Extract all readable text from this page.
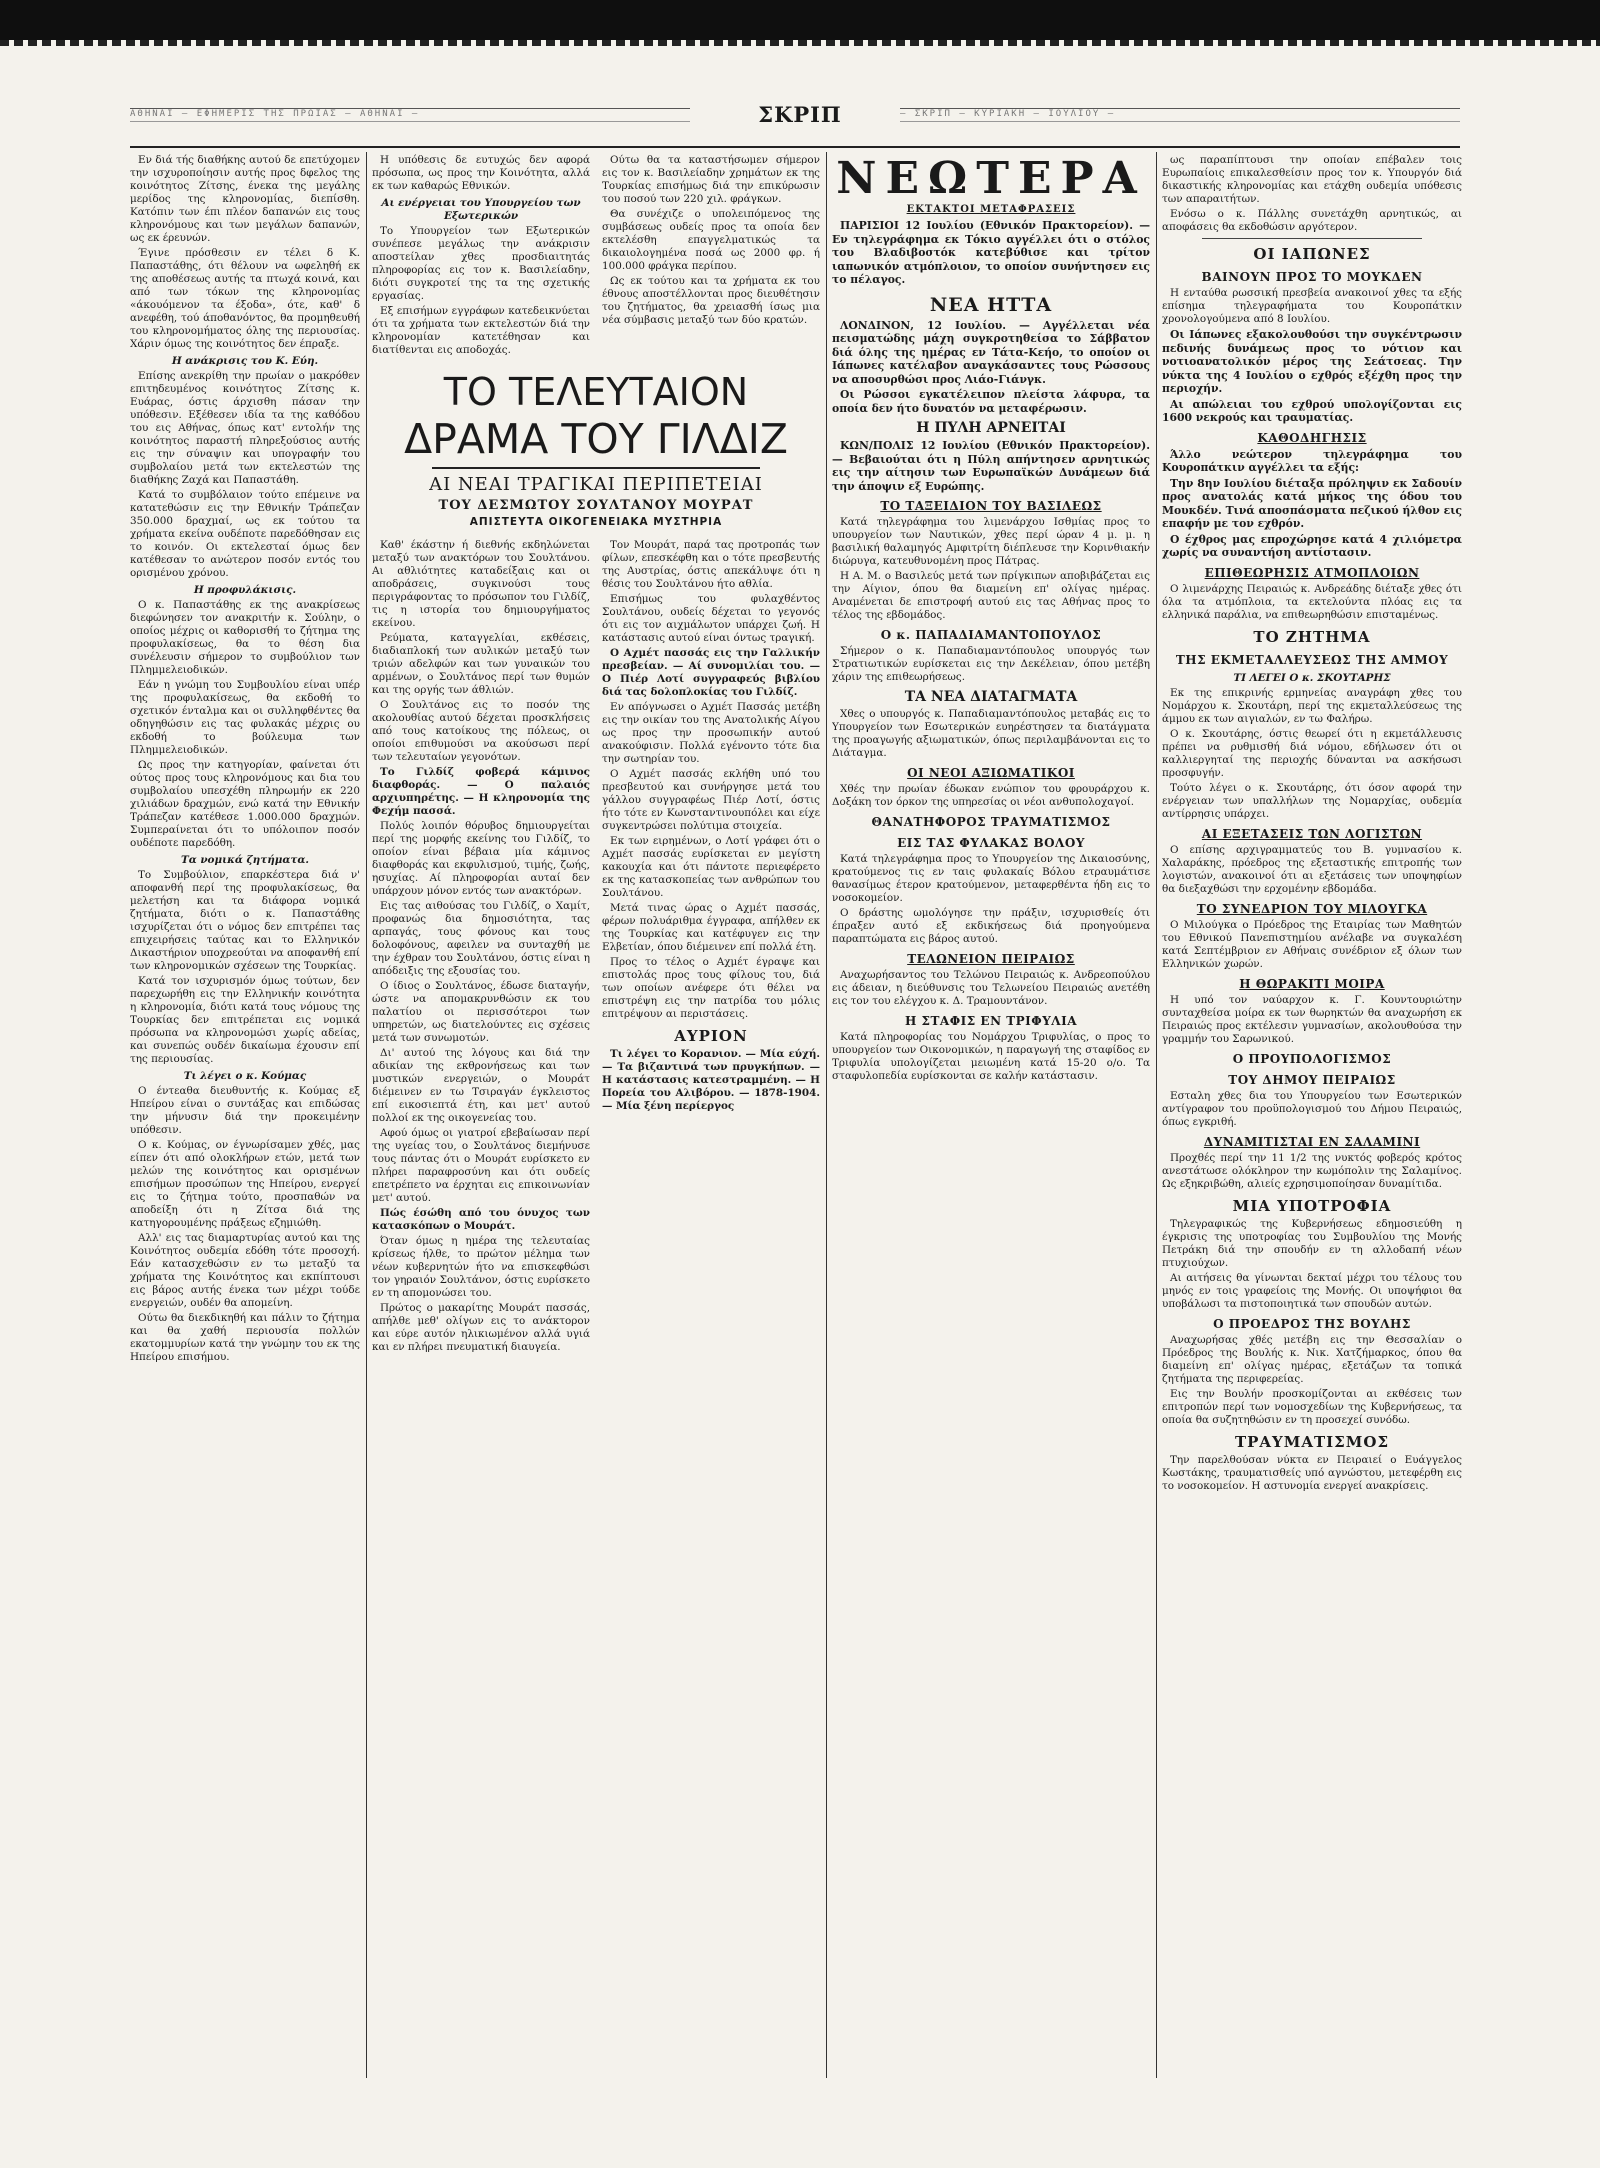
ΑΘΗΝΑΙ — ΕΦΗΜΕΡΙΣ ΤΗΣ ΠΡΩΙΑΣ — ΑΘΗΝΑΙ —	ΣΚΡΙΠ	— ΣΚΡΙΠ — ΚΥΡΙΑΚΗ — ΙΟΥΛΙΟΥ —

Εν διά τής διαθήκης αυτού δε επετύχομεν την ισχυροποίησιν αυτής προς δφελος της κοινότητος Ζίτσης, ένεκα της μεγάλης μερίδος της κληρονομίας, διεπίσθη. Κατόπιν των έπι πλέον δαπανών εις τους κληρονόμους και των μεγάλων δαπανών, ως εκ έρευνών.

Έγινε πρόσθεσιν εν τέλει δ Κ. Παπαστάθης, ότι θέλουν να ωφεληθή εκ της αποθέσεως αυτής τα πτωχά κοινά, και από των τόκων της κληρονομίας «άκουόμενον τα έξοδα», ότε, καθ' δ ανεφέθη, τού άποθανόντος, θα προμηθευθή του κληρονομήματος όλης της περιουσίας. Χάριν όμως της κοινότητος δεν έπραξε.

Η ανάκρισις του Κ. Εύη.

Επίσης ανεκρίθη την πρωίαν ο μακρόθεν επιτηδευμένος κοινότητος Ζίτσης κ. Ευάρας, όστις άρχισθη πάσαν την υπόθεσιν. Εξέθεσεν ιδία τα της καθόδου του εις Αθήνας, όπως κατ' εντολήν της κοινότητος παραστή πληρεξούσιος αυτής εις την σύναψιν και υπογραφήν του συμβολαίου μετά των εκτελεστών της διαθήκης Ζαχά και Παπαστάθη.

Κατά το συμβόλαιον τούτο επέμεινε να κατατεθώσιν εις την Εθνικήν Τράπεζαν 350.000 δραχμαί, ως εκ τούτου τα χρήματα εκείνα ουδέποτε παρεδόθησαν εις το κοινόν. Οι εκτελεσταί όμως δεν κατέθεσαν το ανώτερον ποσόν εντός του ορισμένου χρόνου.

Η προφυλάκισις.

Ο κ. Παπαστάθης εκ της ανακρίσεως διεφώνησεν τον ανακριτήν κ. Σούλην, ο οποίος μέχρις οι καθορισθή το ζήτημα της προφυλακίσεως, θα το θέση δια συνέλευσιν σήμερον το συμβούλιον των Πλημμελειοδικών.

Εάν η γνώμη του Συμβουλίου είναι υπέρ της προφυλακίσεως, θα εκδοθή το σχετικόν ένταλμα και οι συλληφθέντες θα οδηγηθώσιν εις τας φυλακάς μέχρις ου εκδοθή το βούλευμα των Πλημμελειοδικών.

Ως προς την κατηγορίαν, φαίνεται ότι ούτος προς τους κληρονόμους και δια του συμβολαίου υπεσχέθη πληρωμήν εκ 220 χιλιάδων δραχμών, ενώ κατά την Εθνικήν Τράπεζαν κατέθεσε 1.000.000 δραχμών. Συμπεραίνεται ότι το υπόλοιπον ποσόν ουδέποτε παρεδόθη.

Τα νομικά ζητήματα.

Το Συμβούλιον, επαρκέστερα διά ν' αποφανθή περί της προφυλακίσεως, θα μελετήση και τα διάφορα νομικά ζητήματα, διότι ο κ. Παπαστάθης ισχυρίζεται ότι ο νόμος δεν επιτρέπει τας επιχειρήσεις ταύτας και το Ελληνικόν Δικαστήριον υποχρεούται να αποφανθή επί των κληρονομικών σχέσεων της Τουρκίας.

Κατά τον ισχυρισμόν όμως τούτων, δεν παρεχωρήθη εις την Ελληνικήν κοινότητα η κληρονομία, διότι κατά τους νόμους της Τουρκίας δεν επιτρέπεται εις νομικά πρόσωπα να κληρονομώσι χωρίς αδείας, και συνεπώς ουδέν δικαίωμα έχουσιν επί της περιουσίας.

Τι λέγει ο κ. Κούμας

Ο έντεαθα διευθυντής κ. Κούμας εξ Ηπείρου είναι ο συντάξας και επιδώσας την μήνυσιν διά την προκειμένην υπόθεσιν.

Ο κ. Κούμας, ον έγνωρίσαμεν χθές, μας είπεν ότι από ολοκλήρων ετών, μετά των μελών της κοινότητος και ορισμένων επισήμων προσώπων της Ηπείρου, ενεργεί εις το ζήτημα τούτο, προσπαθών να αποδείξη ότι η Ζίτσα διά της κατηγορουμένης πράξεως εζημιώθη.

Αλλ' εις τας διαμαρτυρίας αυτού και της Κοινότητος ουδεμία εδόθη τότε προσοχή. Εάν κατασχεθώσιν εν τω μεταξύ τα χρήματα της Κοινότητος και εκπίπτουσι εις βάρος αυτής ένεκα των μέχρι τούδε ενεργειών, ουδέν θα απομείνη.

Ούτω θα διεκδικηθή και πάλιν το ζήτημα και θα χαθή περιουσία πολλών εκατομμυρίων κατά την γνώμην του εκ της Ηπείρου επισήμου.

Η υπόθεσις δε ευτυχώς δεν αφορά πρόσωπα, ως προς την Κοινότητα, αλλά εκ των καθαρώς Εθνικών.

Αι ενέργειαι του Υπουργείου των Εξωτερικών

Το Υπουργείον των Εξωτερικών συνέπεσε μεγάλως την ανάκρισιν αποστείλαν χθες προσδιαιτητάς πληροφορίας εις τον κ. Βασιλείαδην, διότι συγκροτεί της τα της σχετικής εργασίας.

Εξ επισήμων εγγράφων κατεδεικνύεται ότι τα χρήματα των εκτελεστών διά την κληρονομίαν κατετέθησαν και διατίθενται εις αποδοχάς.

Ούτω θα τα καταστήσωμεν σήμερον εις τον κ. Βασιλείαδην χρημάτων εκ της Τουρκίας επισήμως διά την επικύρωσιν του ποσού των 220 χιλ. φράγκων.

Θα συνέχιζε ο υπολειπόμενος της συμβάσεως ουδείς προς τα οποία δεν εκτελέσθη επαγγελματικώς τα δικαιολογημένα ποσά ως 2000 φρ. ή 100.000 φράγκα περίπου.

Ως εκ τούτου και τα χρήματα εκ του έθνους αποστέλλονται προς διευθέτησιν του ζητήματος, θα χρειασθή ίσως μια νέα σύμβασις μεταξύ των δύο κρατών.

ΤΟ ΤΕΛΕΥΤΑΙΟΝ
ΔΡΑΜΑ ΤΟΥ ΓΙΛΔΙΖ
ΑΙ ΝΕΑΙ ΤΡΑΓΙΚΑΙ ΠΕΡΙΠΕΤΕΙΑΙ
ΤΟΥ ΔΕΣΜΩΤΟΥ ΣΟΥΛΤΑΝΟΥ ΜΟΥΡΑΤ
ΑΠΙΣΤΕΥΤΑ ΟΙΚΟΓΕΝΕΙΑΚΑ ΜΥΣΤΗΡΙΑ

Καθ' έκάστην ή διεθνής εκδηλώνεται μεταξύ των ανακτόρων του Σουλτάνου. Αι αθλιότητες καταδείξαις και οι αποδράσεις, συγκινούσι τους περιγράφοντας το πρόσωπον του Γιλδίζ, τις η ιστορία του δημιουργήματος εκείνου.

Ρεύματα, καταγγελίαι, εκθέσεις, διαδιαπλοκή των αυλικών μεταξύ των τριών αδελφών και των γυναικών του αρμένων, ο Σουλτάνος περί των θυμών και της οργής των άθλιών.

Ο Σουλτάνος εις το ποσόν της ακολουθίας αυτού δέχεται προσκλήσεις από τους κατοίκους της πόλεως, οι οποίοι επιθυμούσι να ακούσωσι περί των τελευταίων γεγονότων.

Το Γιλδίζ φοβερά κάμινος διαφθοράς. — Ο παλαιός αρχιυπηρέτης. — Η κληρονομία της Φεχήμ πασσά.

Πολύς λοιπόν θόρυβος δημιουργείται περί της μορφής εκείνης του Γιλδίζ, το οποίον είναι βέβαια μία κάμινος διαφθοράς και εκφυλισμού, τιμής, ζωής, ησυχίας. Αί πληροφορίαι αυταί δεν υπάρχουν μόνον εντός των ανακτόρων.

Εις τας αιθούσας του Γιλδίζ, ο Χαμίτ, προφανώς δια δημοσιότητα, τας αρπαγάς, τους φόνους και τους δολοφόνους, αφειλεν να συνταχθή με την έχθραν του Σουλτάνου, όστις είναι η απόδειξις της εξουσίας του.

Ο ίδιος ο Σουλτάνος, έδωσε διαταγήν, ώστε να απομακρυνθώσιν εκ του παλατίου οι περισσότεροι των υπηρετών, ως διατελούντες εις σχέσεις μετά των συνωμοτών.

Δι' αυτού της λόγους και διά την αδικίαν της εκθρονήσεως και των μυστικών ενεργειών, ο Μουράτ διέμεινεν εν τω Τσιραγάν έγκλειστος επί εικοσιεπτά έτη, και μετ' αυτού πολλοί εκ της οικογενείας του.

Αφού όμως οι γιατροί εβεβαίωσαν περί της υγείας του, ο Σουλτάνος διεμήνυσε τους πάντας ότι ο Μουράτ ευρίσκετο εν πλήρει παραφροσύνη και ότι ουδείς επετρέπετο να έρχηται εις επικοινωνίαν μετ' αυτού.

Πώς έσώθη από του όνυχος των κατασκόπων ο Μουράτ.

Όταν όμως η ημέρα της τελευταίας κρίσεως ήλθε, το πρώτον μέλημα των νέων κυβερνητών ήτο να επισκεφθώσι τον γηραιόν Σουλτάνον, όστις ευρίσκετο εν τη απομονώσει του.

Πρώτος ο μακαρίτης Μουράτ πασσάς, απήλθε μεθ' ολίγων εις το ανάκτορον και εύρε αυτόν ηλικιωμένον αλλά υγιά και εν πλήρει πνευματική διαυγεία.

Τον Μουράτ, παρά τας προτροπάς των φίλων, επεσκέφθη και ο τότε πρεσβευτής της Αυστρίας, όστις απεκάλυψε ότι η θέσις του Σουλτάνου ήτο αθλία.

Επισήμως του φυλαχθέντος Σουλτάνου, ουδείς δέχεται το γεγονός ότι εις τον αιχμάλωτον υπάρχει ζωή. Η κατάστασις αυτού είναι όντως τραγική.

Ο Αχμέτ πασσάς εις την Γαλλικήν πρεσβείαν. — Αί συνομιλίαι του. — Ο Πιέρ Λοτί συγγραφεύς βιβλίου διά τας δολοπλοκίας του Γιλδίζ.

Εν απόγνωσει ο Αχμέτ Πασσάς μετέβη εις την οικίαν του της Ανατολικής Αίγου ως προς την προσωπικήν αυτού ανακούφισιν. Πολλά εγένοντο τότε δια την σωτηρίαν του.

Ο Αχμέτ πασσάς εκλήθη υπό του πρεσβευτού και συνήργησε μετά του γάλλου συγγραφέως Πιέρ Λοτί, όστις ήτο τότε εν Κωνσταντινουπόλει και είχε συγκεντρώσει πολύτιμα στοιχεία.

Εκ των ειρημένων, ο Λοτί γράφει ότι ο Αχμέτ πασσάς ευρίσκεται εν μεγίστη κακουχία και ότι πάντοτε περιεφέρετο εκ της κατασκοπείας των ανθρώπων του Σουλτάνου.

Μετά τινας ώρας ο Αχμέτ πασσάς, φέρων πολυάριθμα έγγραφα, απήλθεν εκ της Τουρκίας και κατέφυγεν εις την Ελβετίαν, όπου διέμεινεν επί πολλά έτη.

Προς το τέλος ο Αχμέτ έγραψε και επιστολάς προς τους φίλους του, διά των οποίων ανέφερε ότι θέλει να επιστρέψη εις την πατρίδα του μόλις επιτρέψουν αι περιστάσεις.

ΑΥΡΙΟΝ

Τι λέγει το Κορανιον. — Μία εύχή. — Τα βιζαντινά των πρυγκήπων. — Η κατάστασις κατεστραμμένη. — Η Πορεία του Αλιβόρου. — 1878-1904. — Μία ξένη περίεργος

ΝΕΩΤΕΡΑ

ΕΚΤΑΚΤΟΙ ΜΕΤΑΦΡΑΣΕΙΣ

ΠΑΡΙΣΙΟΙ 12 Ιουλίου (Εθνικόν Πρακτορείον). — Εν τηλεγράφημα εκ Τόκιο αγγέλλει ότι ο στόλος του Βλαδιβοστόκ κατεβύθισε και τρίτον ιαπωνικόν ατμόπλοιον, το οποίον συνήντησεν εις το πέλαγος.

ΝΕΑ ΗΤΤΑ

ΛΟΝΔΙΝΟΝ, 12 Ιουλίου. — Αγγέλλεται νέα πεισματώδης μάχη συγκροτηθείσα το Σάββατον διά όλης της ημέρας εν Τάτα-Κεήο, το οποίον οι Ιάπωνες κατέλαβον αναγκάσαντες τους Ρώσσους να αποσυρθώσι προς Λιάο-Γιάνγκ.

Οι Ρώσσοι εγκατέλειπον πλείστα λάφυρα, τα οποία δεν ήτο δυνατόν να μεταφέρωσιν.

Η ΠΥΛΗ ΑΡΝΕΙΤΑΙ

ΚΩΝ/ΠΟΛΙΣ 12 Ιουλίου (Εθνικόν Πρακτορείον). — Βεβαιούται ότι η Πύλη απήντησεν αρνητικώς εις την αίτησιν των Ευρωπαϊκών Δυνάμεων διά την άποψιν εξ Ευρώπης.

ΤΟ ΤΑΞΕΙΔΙΟΝ ΤΟΥ ΒΑΣΙΛΕΩΣ

Κατά τηλεγράφημα του λιμενάρχου Ισθμίας προς το υπουργείον των Ναυτικών, χθες περί ώραν 4 μ. μ. η βασιλική θαλαμηγός Αμφιτρίτη διέπλευσε την Κορινθιακήν διώρυγα, κατευθυνομένη προς Πάτρας.

Η Α. Μ. ο Βασιλεύς μετά των πρίγκιπων αποβιβάζεται εις την Αίγιον, όπου θα διαμείνη επ' ολίγας ημέρας. Αναμένεται δε επιστροφή αυτού εις τας Αθήνας προς το τέλος της εβδομάδος.

Ο κ. ΠΑΠΑΔΙΑΜΑΝΤΟΠΟΥΛΟΣ

Σήμερον ο κ. Παπαδιαμαντόπουλος υπουργός των Στρατιωτικών ευρίσκεται εις την Δεκέλειαν, όπου μετέβη χάριν της επιθεωρήσεως.

ΤΑ ΝΕΑ ΔΙΑΤΑΓΜΑΤΑ

Χθες ο υπουργός κ. Παπαδιαμαντόπουλος μεταβάς εις το Υπουργείον των Εσωτερικών ευηρέστησεν τα διατάγματα της προαγωγής αξιωματικών, όπως περιλαμβάνονται εις το Διάταγμα.

ΟΙ ΝΕΟΙ ΑΞΙΩΜΑΤΙΚΟΙ

Χθές την πρωίαν έδωκαν ενώπιον του φρουράρχου κ. Δοξάκη τον όρκον της υπηρεσίας οι νέοι ανθυπολοχαγοί.

ΘΑΝΑΤΗΦΟΡΟΣ ΤΡΑΥΜΑΤΙΣΜΟΣ

ΕΙΣ ΤΑΣ ΦΥΛΑΚΑΣ ΒΟΛΟΥ

Κατά τηλεγράφημα προς το Υπουργείον της Δικαιοσύνης, κρατούμενος τις εν ταις φυλακαίς Βόλου ετραυμάτισε θανασίμως έτερον κρατούμενον, μεταφερθέντα ήδη εις το νοσοκομείον.

Ο δράστης ωμολόγησε την πράξιν, ισχυρισθείς ότι έπραξεν αυτό εξ εκδικήσεως διά προηγούμενα παραπτώματα εις βάρος αυτού.

ΤΕΛΩΝΕΙΟΝ ΠΕΙΡΑΙΩΣ

Αναχωρήσαντος του Τελώνου Πειραιώς κ. Ανδρεοπούλου εις άδειαν, η διεύθυνσις του Τελωνείου Πειραιώς ανετέθη εις τον του ελέγχου κ. Δ. Τραμουντάνον.

Η ΣΤΑΦΙΣ ΕΝ ΤΡΙΦΥΛΙΑ

Κατά πληροφορίας του Νομάρχου Τριφυλίας, ο προς το υπουργείον των Οικονομικών, η παραγωγή της σταφίδος εν Τριφυλία υπολογίζεται μειωμένη κατά 15-20 ο/ο. Τα σταφυλοπεδία ευρίσκονται σε καλήν κατάστασιν.

ως παραπίπτουσι την οποίαν επέβαλεν τοις Ευρωπαίοις επικαλεσθείσιν προς τον κ. Υπουργόν διά δικαστικής κληρονομίας και ετάχθη ουδεμία υπόθεσις των απαραιτήτων.

Ενόσω ο κ. Πάλλης συνετάχθη αρνητικώς, αι αποφάσεις θα εκδοθώσιν αργότερον.

ΟΙ ΙΑΠΩΝΕΣ

ΒΑΙΝΟΥΝ ΠΡΟΣ ΤΟ ΜΟΥΚΔΕΝ

Η ενταύθα ρωσσική πρεσβεία ανακοινοί χθες τα εξής επίσημα τηλεγραφήματα του Κουροπάτκιν χρονολογούμενα από 8 Ιουλίου.

Οι Ιάπωνες εξακολουθούσι την συγκέντρωσιν πεδινής δυνάμεως προς το νότιον και νοτιοανατολικόν μέρος της Σεάτσεας. Την νύκτα της 4 Ιουλίου ο εχθρός εξέχθη προς την περιοχήν.

Αι απώλειαι του εχθρού υπολογίζονται εις 1600 νεκρούς και τραυματίας.

ΚΑΘΟΔΗΓΗΣΙΣ

Άλλο νεώτερον τηλεγράφημα του Κουροπάτκιν αγγέλλει τα εξής:

Την 8ην Ιουλίου διέταξα πρόληψιν εκ Σαδουίν προς ανατολάς κατά μήκος της όδου του Μουκδέν. Τινά αποσπάσματα πεζικού ήλθον εις επαφήν με τον εχθρόν.

Ο έχθρος μας επροχώρησε κατά 4 χιλιόμετρα χωρίς να συναντήση αντίστασιν.

ΕΠΙΘΕΩΡΗΣΙΣ ΑΤΜΟΠΛΟΙΩΝ

Ο λιμενάρχης Πειραιώς κ. Ανδρεάδης διέταξε χθες ότι όλα τα ατμόπλοια, τα εκτελούντα πλόας εις τα ελληνικά παράλια, να επιθεωρηθώσιν επισταμένως.

ΤΟ ΖΗΤΗΜΑ

ΤΗΣ ΕΚΜΕΤΑΛΛΕΥΣΕΩΣ ΤΗΣ ΑΜΜΟΥ

ΤΙ ΛΕΓΕΙ Ο κ. ΣΚΟΥΤΑΡΗΣ

Εκ της επικρινής ερμηνείας αναγράφη χθες του Νομάρχου κ. Σκουτάρη, περί της εκμεταλλεύσεως της άμμου εκ των αιγιαλών, εν τω Φαλήρω.

Ο κ. Σκουτάρης, όστις θεωρεί ότι η εκμετάλλευσις πρέπει να ρυθμισθή διά νόμου, εδήλωσεν ότι οι καλλιεργηταί της περιοχής δύνανται να ασκήσωσι προσφυγήν.

Τούτο λέγει ο κ. Σκουτάρης, ότι όσον αφορά την ενέργειαν των υπαλλήλων της Νομαρχίας, ουδεμία αντίρρησις υπάρχει.

ΑΙ ΕΞΕΤΑΣΕΙΣ ΤΩΝ ΛΟΓΙΣΤΩΝ

Ο επίσης αρχιγραμματεύς του Β. γυμνασίου κ. Χαλαράκης, πρόεδρος της εξεταστικής επιτροπής των λογιστών, ανακοινοί ότι αι εξετάσεις των υποψηφίων θα διεξαχθώσι την ερχομένην εβδομάδα.

ΤΟ ΣΥΝΕΔΡΙΟΝ ΤΟΥ ΜΙΛΟΥΓΚΑ

Ο Μιλούγκα ο Πρόεδρος της Εταιρίας των Μαθητών του Εθνικού Πανεπιστημίου ανέλαβε να συγκαλέση κατά Σεπτέμβριον εν Αθήναις συνέδριον εξ όλων των Ελληνικών χωρών.

Η ΘΩΡΑΚΙΤΙ ΜΟΙΡΑ

Η υπό τον ναύαρχον κ. Γ. Κουντουριώτην συνταχθείσα μοίρα εκ των θωρηκτών θα αναχωρήση εκ Πειραιώς προς εκτέλεσιν γυμνασίων, ακολουθούσα την γραμμήν του Σαρωνικού.

Ο ΠΡΟΥΠΟΛΟΓΙΣΜΟΣ

ΤΟΥ ΔΗΜΟΥ ΠΕΙΡΑΙΩΣ

Εσταλη χθες δια του Υπουργείου των Εσωτερικών αντίγραφον του προϋπολογισμού του Δήμου Πειραιώς, όπως εγκριθή.

ΔΥΝΑΜΙΤΙΣΤΑΙ ΕΝ ΣΑΛΑΜΙΝΙ

Προχθές περί την 11 1/2 της νυκτός φοβερός κρότος ανεστάτωσε ολόκληρον την κωμόπολιν της Σαλαμίνος. Ως εξηκριβώθη, αλιείς εχρησιμοποίησαν δυναμίτιδα.

ΜΙΑ ΥΠΟΤΡΟΦΙΑ

Τηλεγραφικώς της Κυβερνήσεως εδημοσιεύθη η έγκρισις της υποτροφίας του Συμβουλίου της Μονής Πετράκη διά την σπουδήν εν τη αλλοδαπή νέων πτυχιούχων.

Αι αιτήσεις θα γίνωνται δεκταί μέχρι του τέλους του μηνός εν τοις γραφείοις της Μονής. Οι υποψήφιοι θα υποβάλωσι τα πιστοποιητικά των σπουδών αυτών.

Ο ΠΡΟΕΔΡΟΣ ΤΗΣ ΒΟΥΛΗΣ

Αναχωρήσας χθές μετέβη εις την Θεσσαλίαν ο Πρόεδρος της Βουλής κ. Νικ. Χατζήμαρκος, όπου θα διαμείνη επ' ολίγας ημέρας, εξετάζων τα τοπικά ζητήματα της περιφερείας.

Εις την Βουλήν προσκομίζονται αι εκθέσεις των επιτροπών περί των νομοσχεδίων της Κυβερνήσεως, τα οποία θα συζητηθώσιν εν τη προσεχεί συνόδω.

ΤΡΑΥΜΑΤΙΣΜΟΣ

Την παρελθούσαν νύκτα εν Πειραιεί ο Ευάγγελος Κωστάκης, τραυματισθείς υπό αγνώστου, μετεφέρθη εις το νοσοκομείον. Η αστυνομία ενεργεί ανακρίσεις.
